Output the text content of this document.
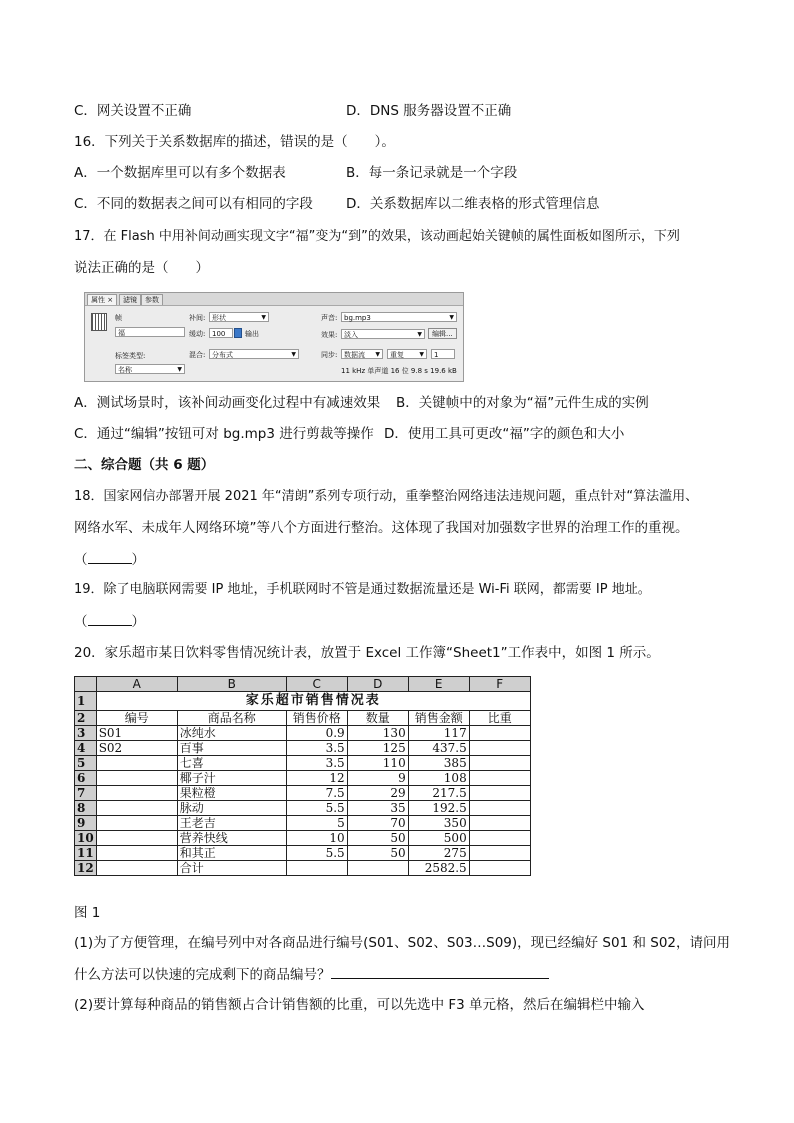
C．网关设置不正确	D．DNS 服务器设置不正确
16．下列关于关系数据库的描述，错误的是（　　）。
A．一个数据库里可以有多个数据表	B．每一条记录就是一个字段
C．不同的数据表之间可以有相同的字段 D．关系数据库以二维表格的形式管理信息
17．在 Flash 中用补间动画实现文字“福”变为“到”的效果，该动画起始关键帧的属性面板如图所示，下列
说法正确的是（　　）
属性 ×	滤镜	参数
帧
福
标签类型:
名称	▼
补间: 形状	▼
缓动: 100	输出
混合: 分布式	▼
声音: bg.mp3	▼
效果: 淡入	▼	编辑...
同步: 数据流 ▼	重复	▼	1
11 kHz 单声道 16 位 9.8 s 19.6 kB
A．测试场景时，该补间动画变化过程中有减速效果 B．关键帧中的对象为“福”元件生成的实例
C．通过“编辑”按钮可对 bg.mp3 进行剪裁等操作 D．使用工具可更改“福”字的颜色和大小
二、综合题（共 6 题）
18．国家网信办部署开展 2021 年“清朗”系列专项行动，重拳整治网络违法违规问题，重点针对“算法滥用、
网络水军、未成年人网络环境”等八个方面进行整治。这体现了我国对加强数字世界的治理工作的重视。
（	）
19．除了电脑联网需要 IP 地址，手机联网时不管是通过数据流量还是 Wi-Fi 联网，都需要 IP 地址。
（	）
20．家乐超市某日饮料零售情况统计表，放置于 Excel 工作簿“Sheet1”工作表中，如图 1 所示。
	A	B	C	D	E	F
1	家乐超市销售情况表					
2	编号	商品名称	销售价格	数量	销售金额	比重
3	S01	冰纯水	0.9	130	117	
4	S02	百事	3.5	125	437.5	
5		七喜	3.5	110	385	
6		椰子汁	12	9	108	
7		果粒橙	7.5	29	217.5	
8		脉动	5.5	35	192.5	
9		王老吉	5	70	350	
10		营养快线	10	50	500	
11		和其正	5.5	50	275	
12		合计			2582.5	
图 1
(1)为了方便管理，在编号列中对各商品进行编号(S01、S02、S03…S09)，现已经编好 S01 和 S02，请问用
什么方法可以快速的完成剩下的商品编号？
(2)要计算每种商品的销售额占合计销售额的比重，可以先选中 F3 单元格，然后在编辑栏中输入
